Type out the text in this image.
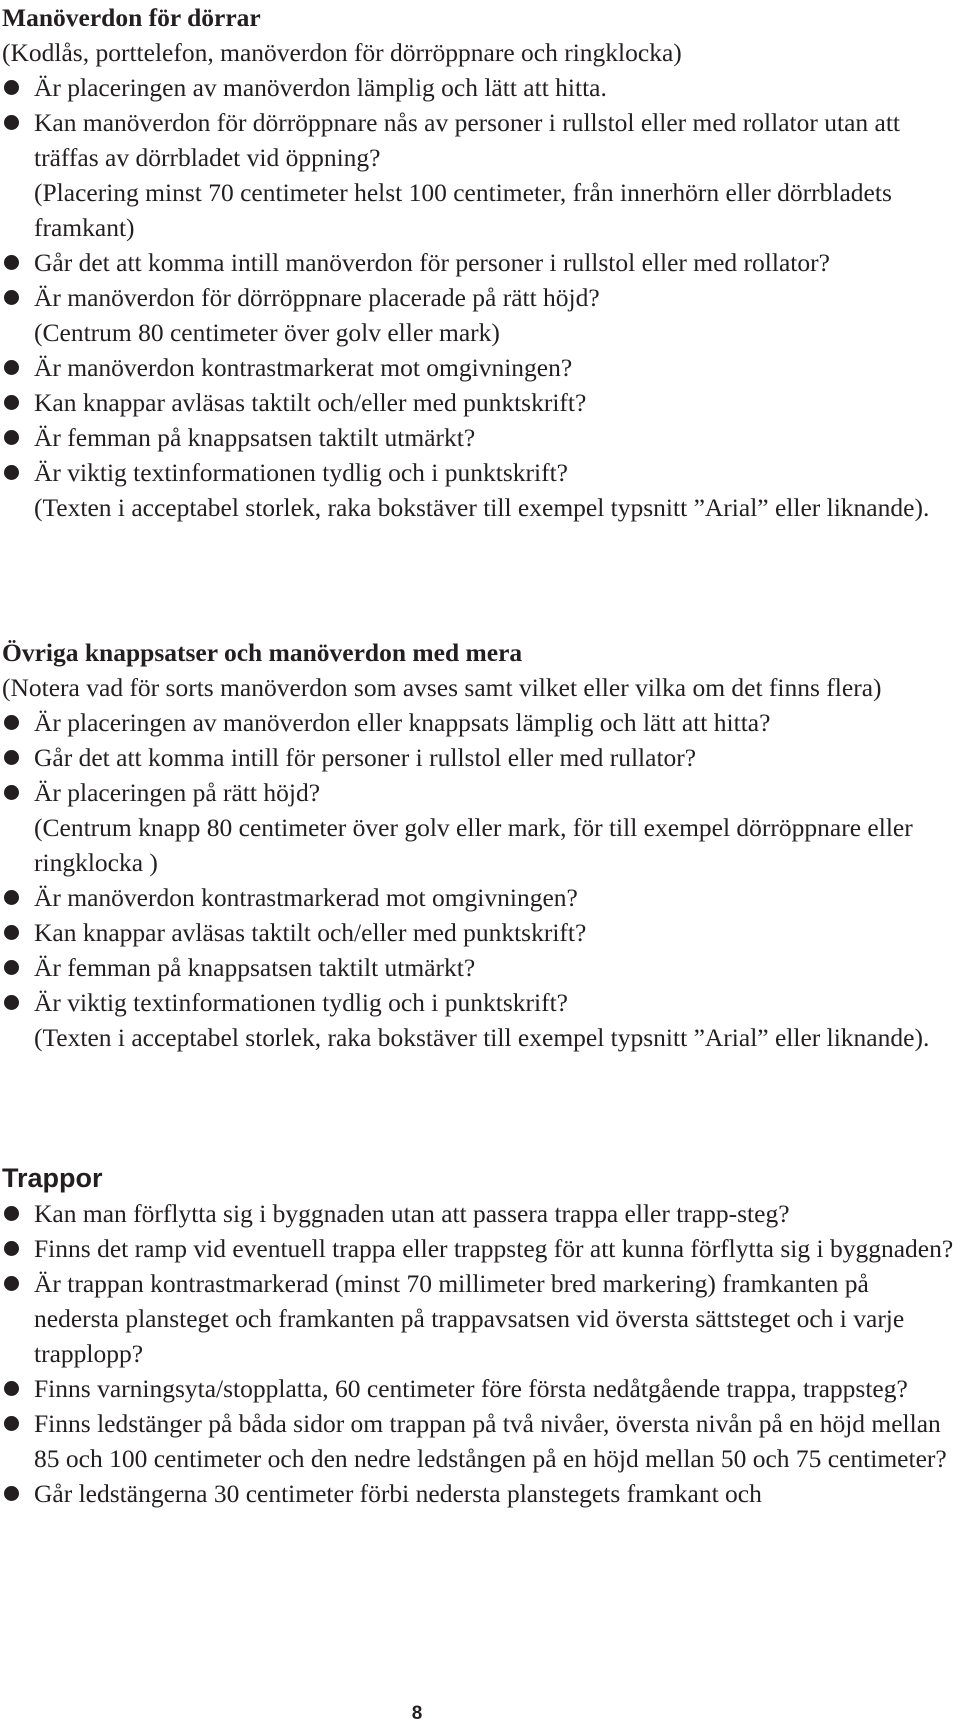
Manöverdon för dörrar

(Kodlås, porttelefon, manöverdon för dörröppnare och ringklocka)

Är placeringen av manöverdon lämplig och lätt att hitta.
Kan manöverdon för dörröppnare nås av personer i rullstol eller med rollator utan att träffas av dörrbladet vid öppning?
(Placering minst 70 centimeter helst 100 centimeter, från innerhörn eller dörrbladets framkant)
Går det att komma intill manöverdon för personer i rullstol eller med rollator?
Är manöverdon för dörröppnare placerade på rätt höjd?
(Centrum 80 centimeter över golv eller mark)
Är manöverdon kontrastmarkerat mot omgivningen?
Kan knappar avläsas taktilt och/eller med punktskrift?
Är femman på knappsatsen taktilt utmärkt?
Är viktig textinformationen tydlig och i punktskrift?
(Texten i acceptabel storlek, raka bokstäver till exempel typsnitt ”Arial” eller liknande).
Övriga knappsatser och manöverdon med mera

(Notera vad för sorts manöverdon som avses samt vilket eller vilka om det finns flera)

Är placeringen av manöverdon eller knappsats lämplig och lätt att hitta?
Går det att komma intill för personer i rullstol eller med rullator?
Är placeringen på rätt höjd?
(Centrum knapp 80 centimeter över golv eller mark, för till exempel dörröppnare eller ringklocka )
Är manöverdon kontrastmarkerad mot omgivningen?
Kan knappar avläsas taktilt och/eller med punktskrift?
Är femman på knappsatsen taktilt utmärkt?
Är viktig textinformationen tydlig och i punktskrift?
(Texten i acceptabel storlek, raka bokstäver till exempel typsnitt ”Arial” eller liknande).
Trappor
Kan man förflytta sig i byggnaden utan att passera trappa eller trapp-steg?
Finns det ramp vid eventuell trappa eller trappsteg för att kunna förflytta sig i byggnaden?
Är trappan kontrastmarkerad (minst 70 millimeter bred markering) framkanten på nedersta plansteget och framkanten på trappavsatsen vid översta sättsteget och i varje trapplopp?
Finns varningsyta/stopplatta, 60 centimeter före första nedåtgående trappa, trappsteg?
Finns ledstänger på båda sidor om trappan på två nivåer, översta nivån på en höjd mellan 85 och 100 centimeter och den nedre ledstången på en höjd mellan 50 och 75 centimeter?
Går ledstängerna 30 centimeter förbi nedersta planstegets framkant och
8
